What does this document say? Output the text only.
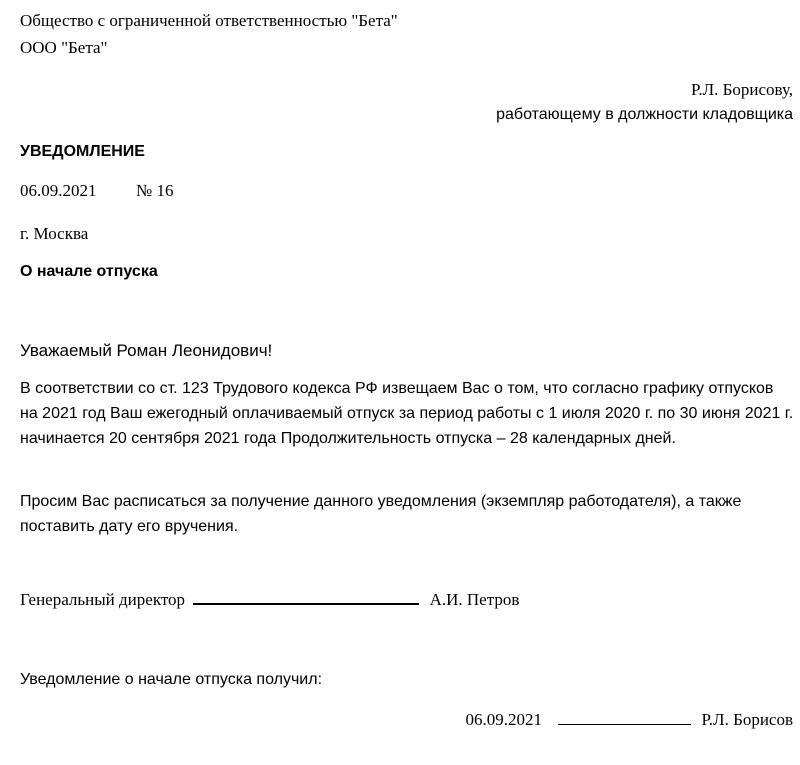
Общество с ограниченной ответственностью "Бета"
ООО "Бета"
Р.Л. Борисову,
работающему в должности кладовщика
УВЕДОМЛЕНИЕ
06.09.2021 № 16
г. Москва
О начале отпуска
Уважаемый Роман Леонидович!
В соответствии со ст. 123 Трудового кодекса РФ извещаем Вас о том, что согласно графику отпусков на 2021 год Ваш ежегодный оплачиваемый отпуск за период работы с 1 июля 2020 г. по 30 июня 2021 г. начинается 20 сентября 2021 года Продолжительность отпуска – 28 календарных дней.
Просим Вас расписаться за получение данного уведомления (экземпляр работодателя), а также поставить дату его вручения.
Генеральный директор	А.И. Петров
Уведомление о начале отпуска получил:
06.09.2021	Р.Л. Борисов
